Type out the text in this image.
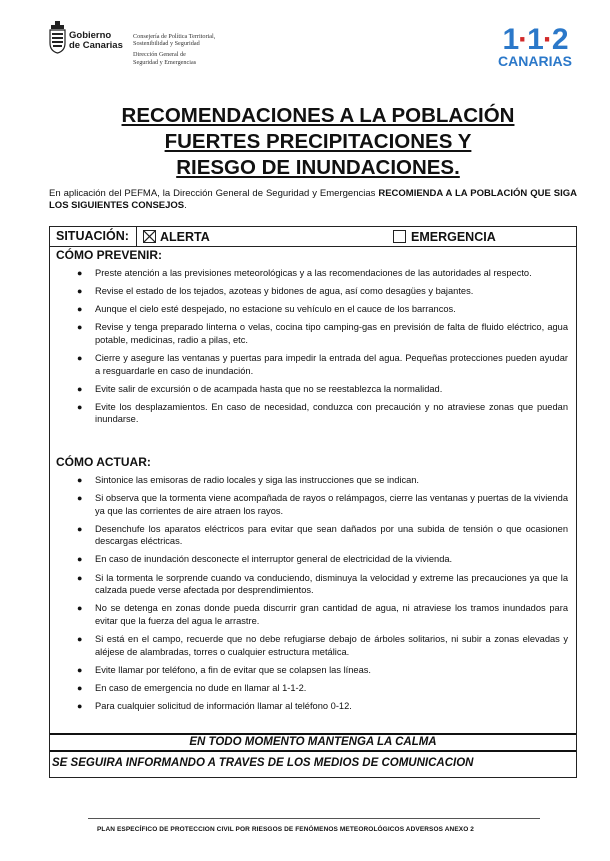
Gobierno
de Canarias
Consejería de Política Territorial,
Sostenibilidad y Seguridad
Dirección General de
Seguridad y Emergencias
1·1·2
CANARIAS
RECOMENDACIONES A LA POBLACIÓN
FUERTES PRECIPITACIONES Y
RIESGO DE INUNDACIONES.
En aplicación del PEFMA, la Dirección General de Seguridad y Emergencias RECOMIENDA A LA POBLACIÓN QUE SIGA LOS SIGUIENTES CONSEJOS.
SITUACIÓN: ALERTA	EMERGENCIA
CÓMO PREVENIR:
● Preste atención a las previsiones meteorológicas y a las recomendaciones de las autoridades al respecto.
● Revise el estado de los tejados, azoteas y bidones de agua, así como desagües y bajantes.
● Aunque el cielo esté despejado, no estacione su vehículo en el cauce de los barrancos.
● Revise y tenga preparado linterna o velas, cocina tipo camping-gas en previsión de falta de fluido eléctrico, agua potable, medicinas, radio a pilas, etc.
● Cierre y asegure las ventanas y puertas para impedir la entrada del agua. Pequeñas protecciones pueden ayudar a resguardarle en caso de inundación.
● Evite salir de excursión o de acampada hasta que no se reestablezca la normalidad.
● Evite los desplazamientos. En caso de necesidad, conduzca con precaución y no atraviese zonas que puedan inundarse.
CÓMO ACTUAR:
● Sintonice las emisoras de radio locales y siga las instrucciones que se indican.
● Si observa que la tormenta viene acompañada de rayos o relámpagos, cierre las ventanas y puertas de la vivienda ya que las corrientes de aire atraen los rayos.
● Desenchufe los aparatos eléctricos para evitar que sean dañados por una subida de tensión o que ocasionen descargas eléctricas.
● En caso de inundación desconecte el interruptor general de electricidad de la vivienda.
● Si la tormenta le sorprende cuando va conduciendo, disminuya la velocidad y extreme las precauciones ya que la calzada puede verse afectada por desprendimientos.
● No se detenga en zonas donde pueda discurrir gran cantidad de agua, ni atraviese los tramos inundados para evitar que la fuerza del agua le arrastre.
● Si está en el campo, recuerde que no debe refugiarse debajo de árboles solitarios, ni subir a zonas elevadas y aléjese de alambradas, torres o cualquier estructura metálica.
● Evite llamar por teléfono, a fin de evitar que se colapsen las líneas.
● En caso de emergencia no dude en llamar al 1-1-2.
● Para cualquier solicitud de información llamar al teléfono 0-12.
EN TODO MOMENTO MANTENGA LA CALMA
SE SEGUIRA INFORMANDO A TRAVES DE LOS MEDIOS DE COMUNICACION
PLAN ESPECÍFICO DE PROTECCION CIVIL POR RIESGOS DE FENÓMENOS METEOROLÓGICOS ADVERSOS ANEXO 2
